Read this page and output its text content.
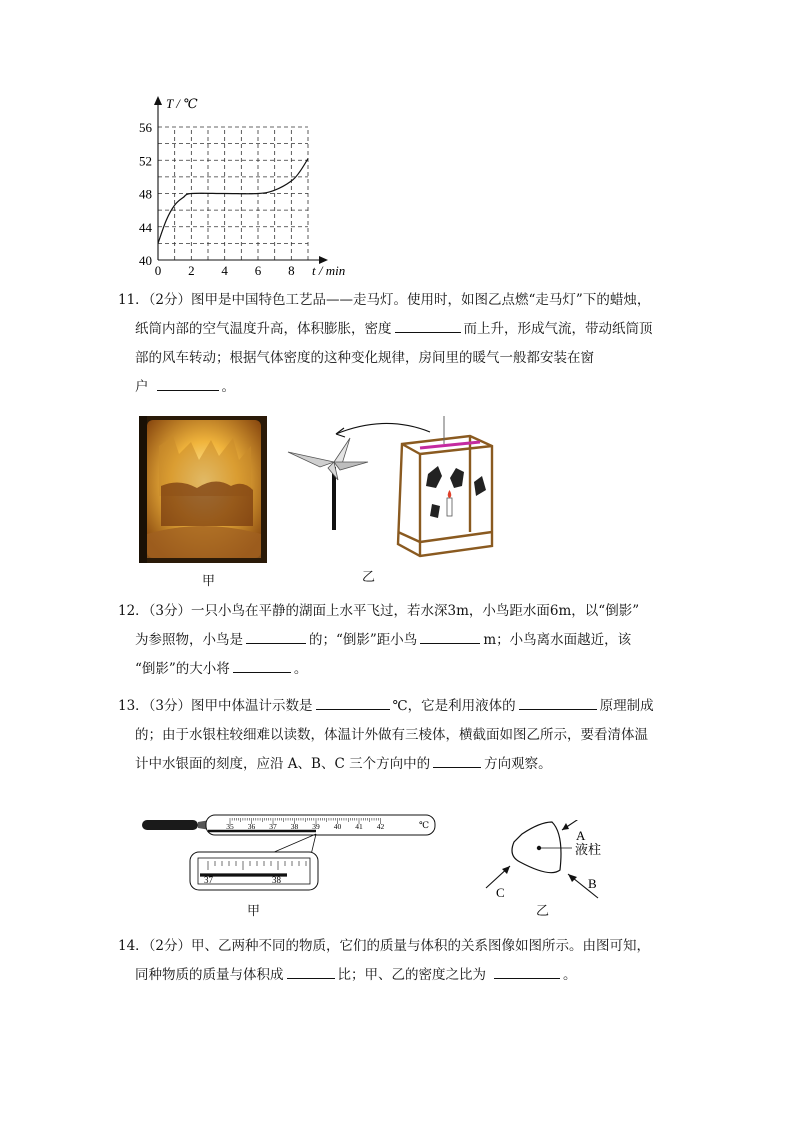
0 2 4 6 8
40
44
48
52
56
T / ℃
t / min

11．（2分）图甲是中国特色工艺品——走马灯。使用时，如图乙点燃“走马灯”下的蜡烛，

纸筒内部的空气温度升高，体积膨胀，密度	而上升，形成气流，带动纸筒顶

部的风车转动；根据气体密度的这种变化规律，房间里的暖气一般都安装在窗

户	。

甲	乙

12．（3分）一只小鸟在平静的湖面上水平飞过，若水深3m，小鸟距水面6m，以“倒影”

为参照物，小鸟是	的；“倒影”距小鸟	m；小鸟离水面越近，该

“倒影”的大小将	。

13．（3分）图甲中体温计示数是	℃，它是利用液体的	原理制成

的；由于水银柱较细难以读数，体温计外做有三棱体，横截面如图乙所示，要看清体温

计中水银面的刻度，应沿 A、B、C 三个方向中的	方向观察。

35 36 37 38 39 40 41 42	℃
37	38
甲
液柱
A
C
B
乙

14．（2分）甲、乙两种不同的物质，它们的质量与体积的关系图像如图所示。由图可知，

同种物质的质量与体积成	比；甲、乙的密度之比为	。
